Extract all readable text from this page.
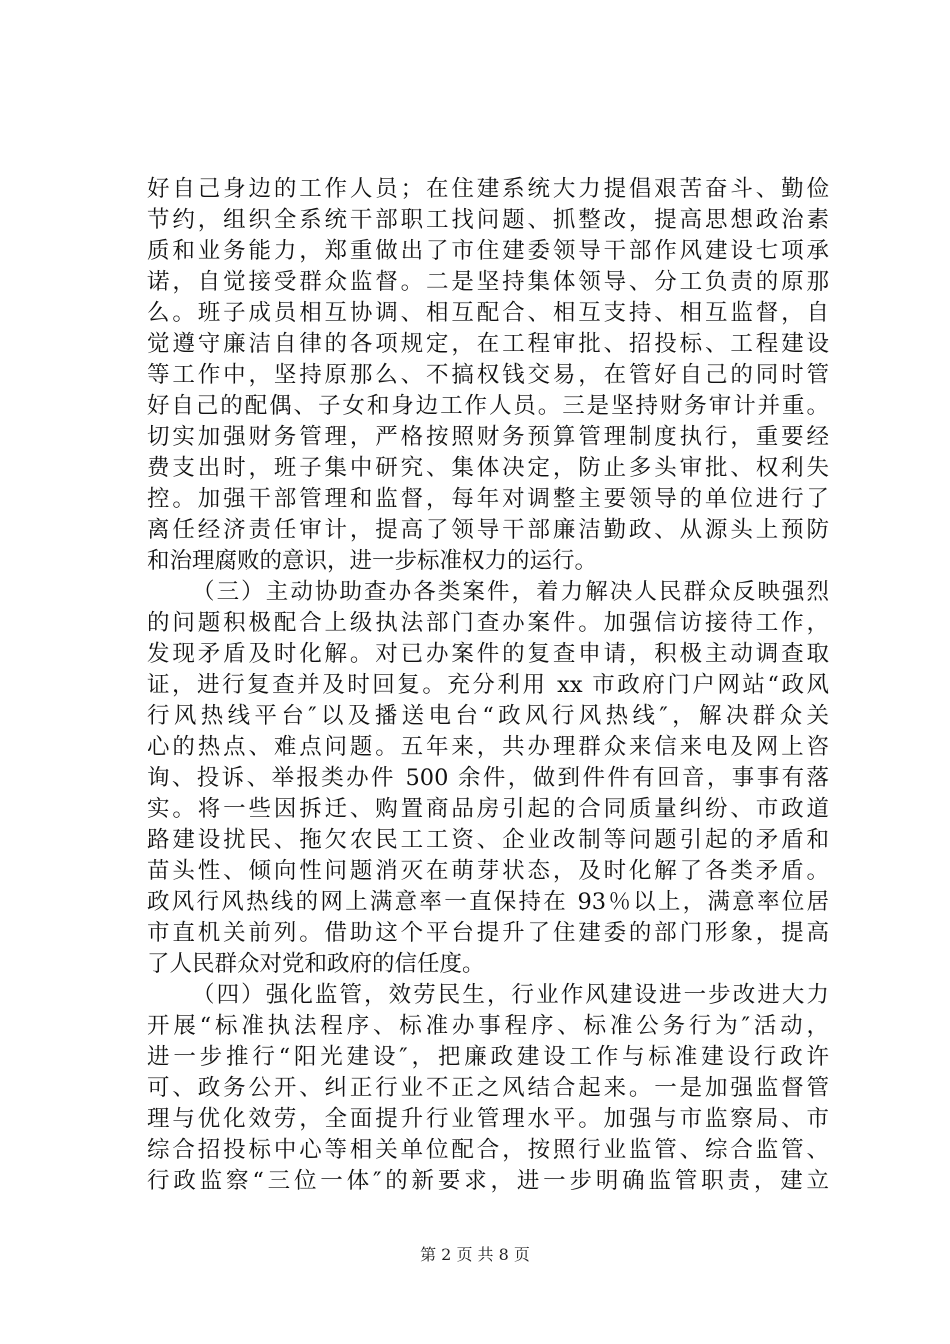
好自己身边的工作人员；在住建系统大力提倡艰苦奋斗、勤俭
节约，组织全系统干部职工找问题、抓整改，提高思想政治素
质和业务能力，郑重做出了市住建委领导干部作风建设七项承
诺，自觉接受群众监督。二是坚持集体领导、分工负责的原那
么。班子成员相互协调、相互配合、相互支持、相互监督，自
觉遵守廉洁自律的各项规定，在工程审批、招投标、工程建设
等工作中，坚持原那么、不搞权钱交易，在管好自己的同时管
好自己的配偶、子女和身边工作人员。三是坚持财务审计并重。
切实加强财务管理，严格按照财务预算管理制度执行，重要经
费支出时，班子集中研究、集体决定，防止多头审批、权利失
控。加强干部管理和监督，每年对调整主要领导的单位进行了
离任经济责任审计，提高了领导干部廉洁勤政、从源头上预防
和治理腐败的意识，进一步标准权力的运行。
（三）主动协助查办各类案件，着力解决人民群众反映强烈
的问题积极配合上级执法部门查办案件。加强信访接待工作，
发现矛盾及时化解。对已办案件的复查申请，积极主动调查取
证，进行复查并及时回复。充分利用 xx 市政府门户网站“政风
行风热线平台″以及播送电台“政风行风热线″，解决群众关
心的热点、难点问题。五年来，共办理群众来信来电及网上咨
询、投诉、举报类办件 500 余件，做到件件有回音，事事有落
实。将一些因拆迁、购置商品房引起的合同质量纠纷、市政道
路建设扰民、拖欠农民工工资、企业改制等问题引起的矛盾和
苗头性、倾向性问题消灭在萌芽状态，及时化解了各类矛盾。
政风行风热线的网上满意率一直保持在 93％以上，满意率位居
市直机关前列。借助这个平台提升了住建委的部门形象，提高
了人民群众对党和政府的信任度。
（四）强化监管，效劳民生，行业作风建设进一步改进大力
开展“标准执法程序、标准办事程序、标准公务行为″活动，
进一步推行“阳光建设″，把廉政建设工作与标准建设行政许
可、政务公开、纠正行业不正之风结合起来。一是加强监督管
理与优化效劳，全面提升行业管理水平。加强与市监察局、市
综合招投标中心等相关单位配合，按照行业监管、综合监管、
行政监察“三位一体″的新要求，进一步明确监管职责，建立
第 2 页 共 8 页
